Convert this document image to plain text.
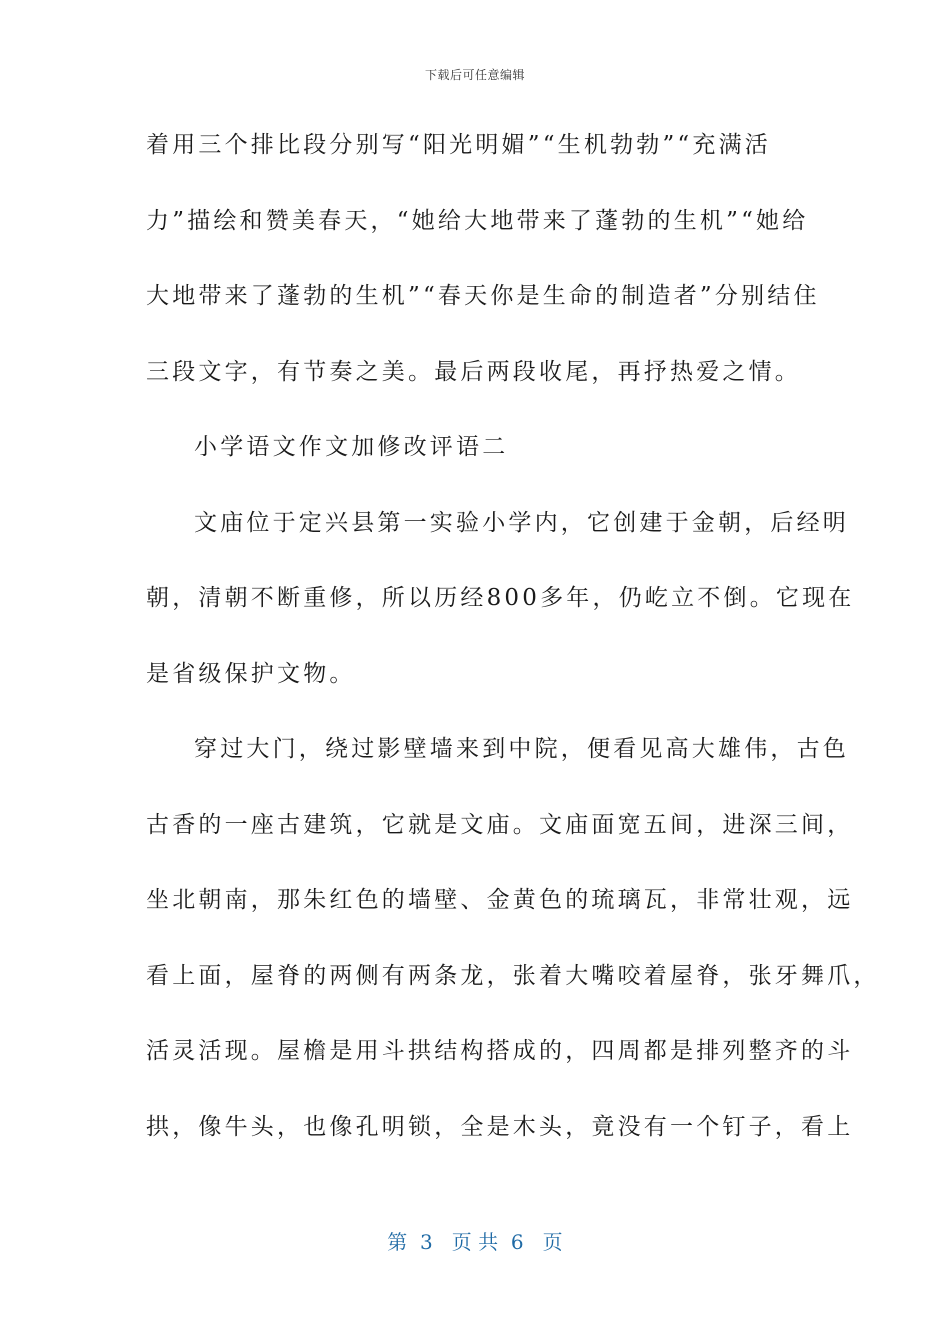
下载后可任意编辑
着用三个排比段分别写“阳光明媚”“生机勃勃”“充满活
力”描绘和赞美春天，“她给大地带来了蓬勃的生机”“她给
大地带来了蓬勃的生机”“春天你是生命的制造者”分别结住
三段文字，有节奏之美。最后两段收尾，再抒热爱之情。
小学语文作文加修改评语二
文庙位于定兴县第一实验小学内，它创建于金朝，后经明
朝，清朝不断重修，所以历经800多年，仍屹立不倒。它现在
是省级保护文物。
穿过大门，绕过影壁墙来到中院，便看见高大雄伟，古色
古香的一座古建筑，它就是文庙。文庙面宽五间，进深三间，
坐北朝南，那朱红色的墙壁、金黄色的琉璃瓦，非常壮观，远
看上面，屋脊的两侧有两条龙，张着大嘴咬着屋脊，张牙舞爪，
活灵活现。屋檐是用斗拱结构搭成的，四周都是排列整齐的斗
拱，像牛头，也像孔明锁，全是木头，竟没有一个钉子，看上
第  3   页 共  6   页
